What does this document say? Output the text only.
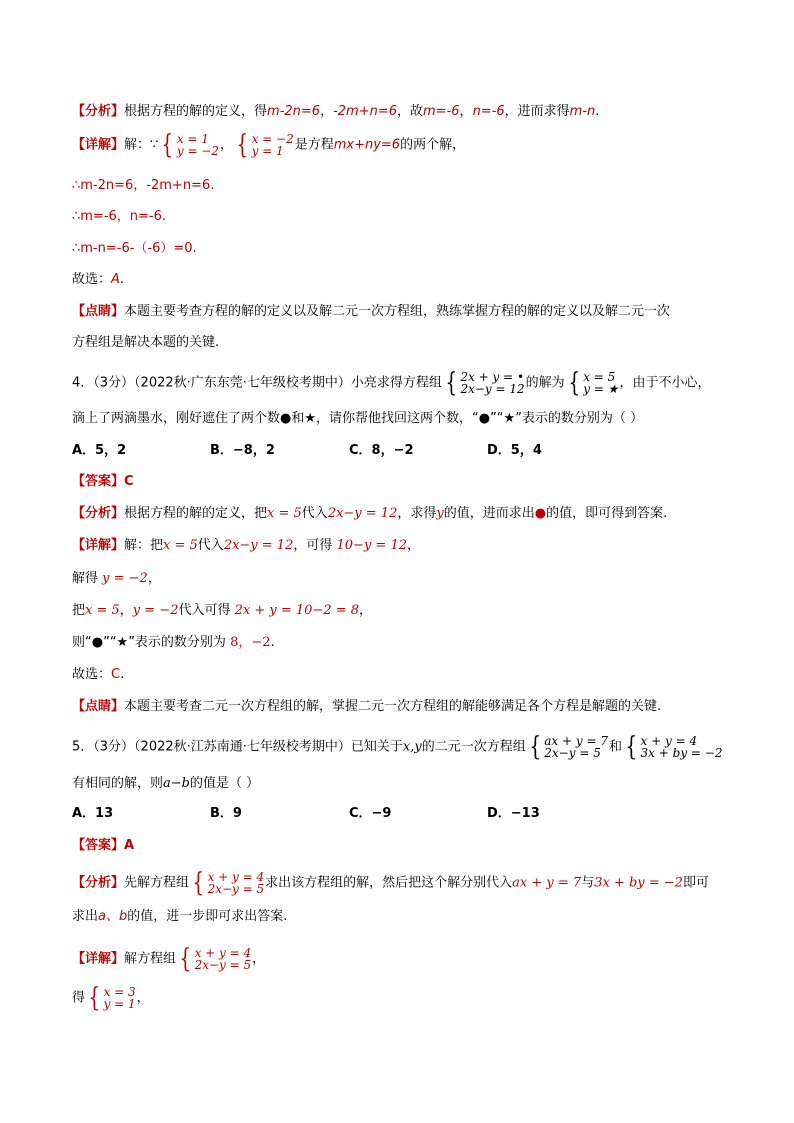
【分析】根据方程的解的定义，得m-2n=6，-2m+n=6，故m=-6，n=-6，进而求得m-n.
【详解】解：∵ { x = 1
y = −2 ， { x = −2
y = 1 是方程mx+ny=6的两个解，
∴m-2n=6，-2m+n=6.
∴m=-6，n=-6.
∴m-n=-6-（-6）=0.
故选：A.
【点睛】本题主要考查方程的解的定义以及解二元一次方程组，熟练掌握方程的解的定义以及解二元一次
方程组是解决本题的关键.
4．（3分）（2022秋·广东东莞·七年级校考期中）小亮求得方程组 { 2x + y = •
2x−y = 12 的解为 { x = 5
y = ★ ，由于不小心，
滴上了两滴墨水，刚好遮住了两个数●和★，请你帮他找回这两个数，“●”“★”表示的数分别为（ ）
A．5，2	B．−8，2	C．8，−2	D．5，4
【答案】C
【分析】根据方程的解的定义，把x = 5代入2x−y = 12，求得y的值，进而求出●的值，即可得到答案.
【详解】解：把x = 5代入2x−y = 12，可得 10−y = 12，
解得 y = −2，
把x = 5，y = −2代入可得 2x + y = 10−2 = 8，
则“●”“★”表示的数分别为 8，−2.
故选：C.
【点睛】本题主要考查二元一次方程组的解，掌握二元一次方程组的解能够满足各个方程是解题的关键.
5．（3分）（2022秋·江苏南通·七年级校考期中）已知关于x,y的二元一次方程组 { ax + y = 7
2x−y = 5 和 { x + y = 4
3x + by = −2
有相同的解，则a−b的值是（ ）
A．13	B．9	C．−9	D．−13
【答案】A
【分析】先解方程组 { x + y = 4
2x−y = 5 求出该方程组的解，然后把这个解分别代入ax + y = 7与3x + by = −2即可
求出a、b的值，进一步即可求出答案.
【详解】解方程组 { x + y = 4
2x−y = 5 ，
得 { x = 3
y = 1 ，
